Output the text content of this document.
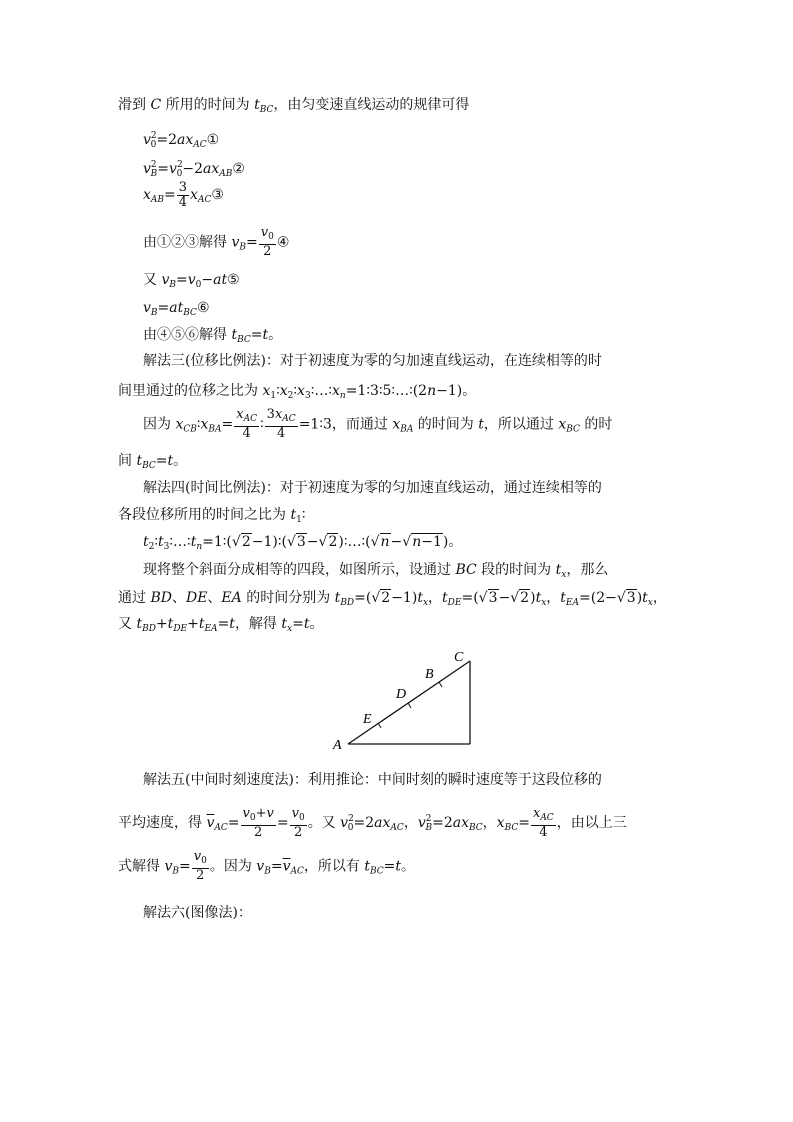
滑到 C 所用的时间为 $t_{BC}$，由匀变速直线运动的规律可得
$v^2_0=2ax_{AC}①$
$v^2_B=v^2_0-2ax_{AB}②$
$x_{AB}= \frac{3}{4}$ $x_{AC}③$
由①②③解得 $v_B= \frac{v_0}{2}$ ④
又 $v_B=v_0-at⑤$
$v_B=at_{BC}⑥$
由④⑤⑥解得 $t_{BC}=t$。
解法三(位移比例法)：对于初速度为零的匀加速直线运动，在连续相等的时
间里通过的位移之比为 $x_1∶x_2∶x_3∶\dots∶x_n=1∶3∶5∶\dots∶(2n-1)$。
因为 $x_{CB}∶x_{BA}= \frac{x_{AC}}{4}$ ∶ $\frac{3x_{AC}}{4}$ =1∶3，而通过 $x_{BA}$ 的时间为 t，所以通过 $x_{BC}$ 的时
间 $t_{BC}=t$。
解法四(时间比例法)：对于初速度为零的匀加速直线运动，通过连续相等的
各段位移所用的时间之比为 $t_1∶$
$t_2∶t_3∶\dots∶t_n=1∶(√2-1)∶(√3-√2)∶\dots∶(√n-√n-1)$。
现将整个斜面分成相等的四段，如图所示，设通过 BC 段的时间为 $t_x$，那么
通过 BD、DE、EA 的时间分别为 $t_{BD}=(√2-1)t_x$，$t_{DE}=(√3-√2)t_x$，$t_{EA}=(2-√3)t_x$，
又 $t_{BD}+t_{DE}+t_{EA}=t$，解得 $t_x=t$。
A
E
D
B
C
解法五(中间时刻速度法)：利用推论：中间时刻的瞬时速度等于这段位移的
平均速度，得 $\overline{v}_{AC}= \frac{v_0+v}{2} = \frac{v_0}{2}$ 。又 $v^2_0=2ax_{AC}$，$v^2_B=2ax_{BC}$，$x_{BC}= \frac{x_{AC}}{4}$ ，由以上三
式解得 $v_B= \frac{v_0}{2}$ 。因为 $v_B=\overline{v}_{AC}$，所以有 $t_{BC}=t$。
解法六(图像法)：
